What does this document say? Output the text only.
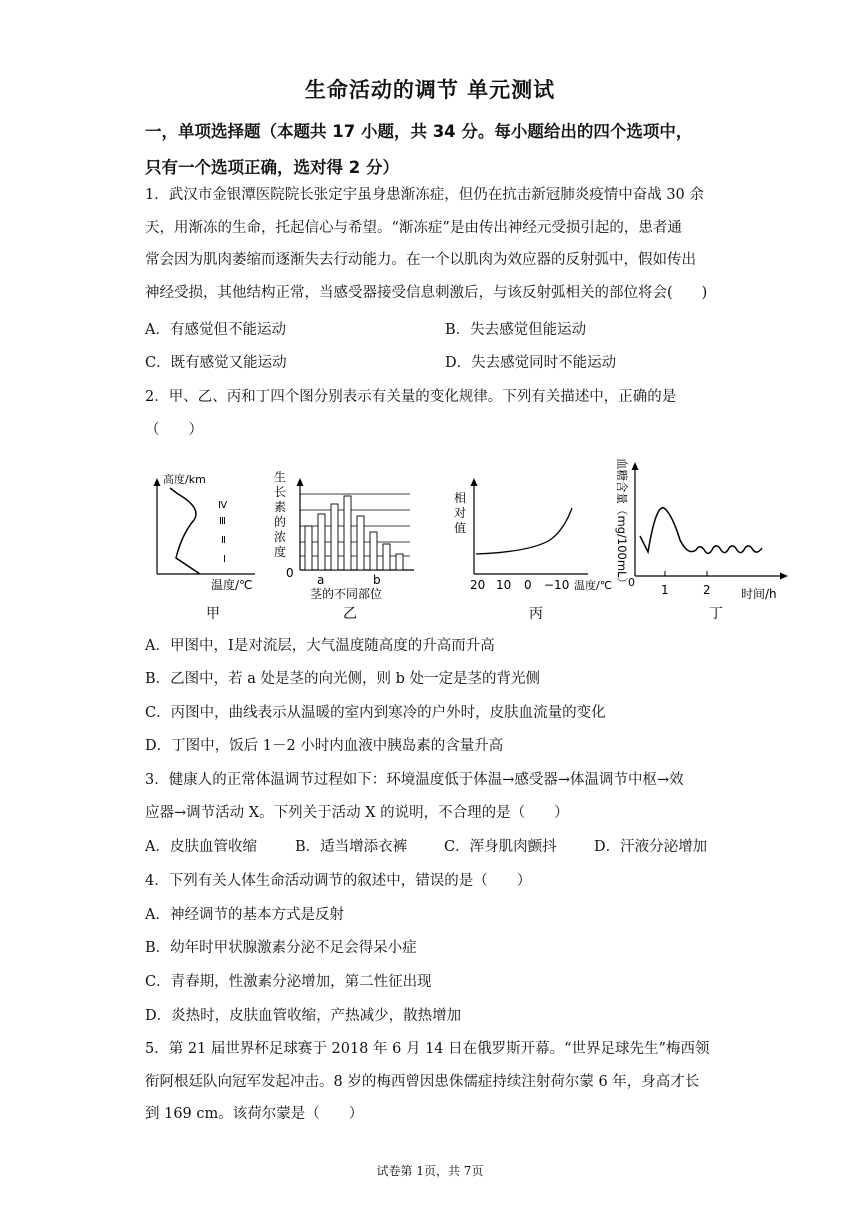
生命活动的调节 单元测试
一，单项选择题（本题共 17 小题，共 34 分。每小题给出的四个选项中，
只有一个选项正确，选对得 2 分）
1．武汉市金银潭医院院长张定宇虽身患渐冻症，但仍在抗击新冠肺炎疫情中奋战 30 余
天，用渐冻的生命，托起信心与希望。“渐冻症”是由传出神经元受损引起的，患者通
常会因为肌肉萎缩而逐渐失去行动能力。在一个以肌肉为效应器的反射弧中，假如传出
神经受损，其他结构正常，当感受器接受信息刺激后，与该反射弧相关的部位将会(　　)
A．有感觉但不能运动	B．失去感觉但能运动
C．既有感觉又能运动	D．失去感觉同时不能运动
2．甲、乙、丙和丁四个图分别表示有关量的变化规律。下列有关描述中，正确的是
（　　）
高度/km
Ⅳ
Ⅲ
Ⅱ
Ⅰ
温度/℃
甲
生长素的浓度
0 a	b
茎的不同部位
乙
相对值
20 10 0 −10 温度/℃
丙
血糖含量（mg/100mL） 0
1	2	时间/h
丁
A．甲图中，I是对流层，大气温度随高度的升高而升高
B．乙图中，若 a 处是茎的向光侧，则 b 处一定是茎的背光侧
C．丙图中，曲线表示从温暖的室内到寒冷的户外时，皮肤血流量的变化
D．丁图中，饭后 1－2 小时内血液中胰岛素的含量升高
3．健康人的正常体温调节过程如下：环境温度低于体温→感受器→体温调节中枢→效
应器→调节活动 X。下列关于活动 X 的说明，不合理的是（　　）
A．皮肤血管收缩	B．适当增添衣裤	C．浑身肌肉颤抖	D．汗液分泌增加
4．下列有关人体生命活动调节的叙述中，错误的是（　　）
A．神经调节的基本方式是反射
B．幼年时甲状腺激素分泌不足会得呆小症
C．青春期，性激素分泌增加，第二性征出现
D．炎热时，皮肤血管收缩，产热减少，散热增加
5．第 21 届世界杯足球赛于 2018 年 6 月 14 日在俄罗斯开幕。“世界足球先生”梅西领
衔阿根廷队向冠军发起冲击。8 岁的梅西曾因患侏儒症持续注射荷尔蒙 6 年，身高才长
到 169 cm。该荷尔蒙是（　　）
试卷第 1页，共 7页
